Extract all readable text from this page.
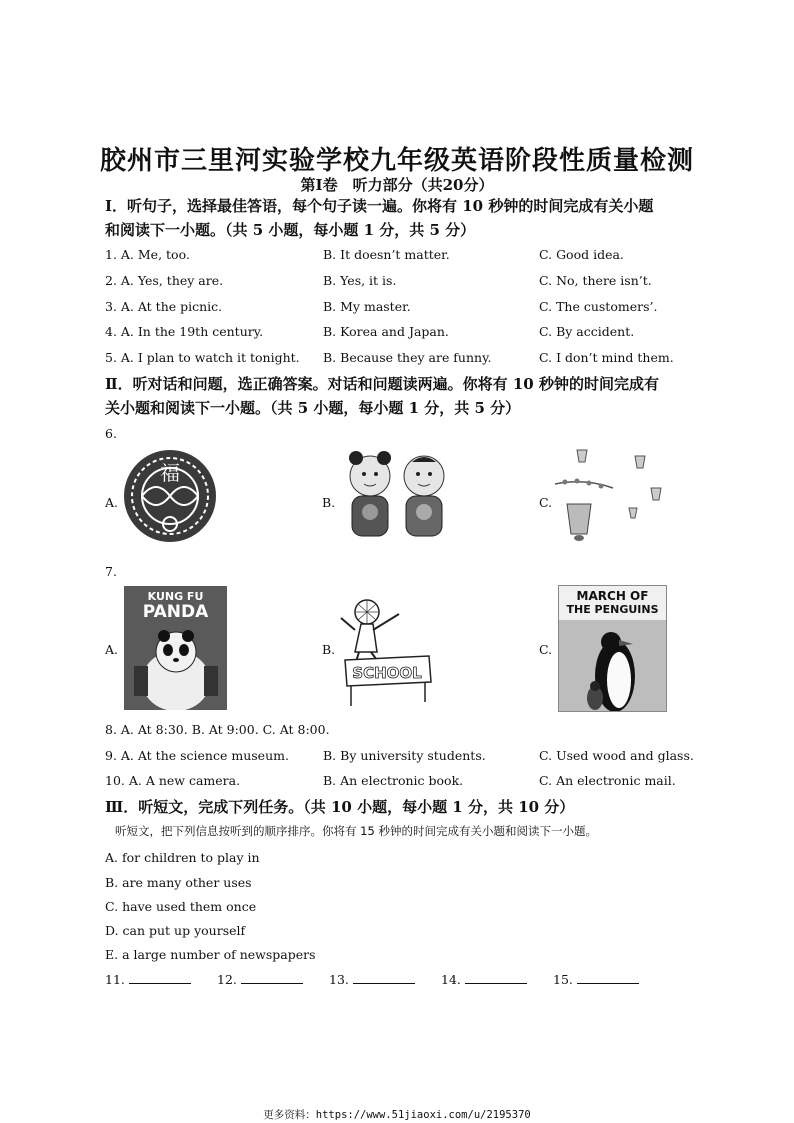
胶州市三里河实验学校九年级英语阶段性质量检测
第Ⅰ卷　听力部分（共20分）
Ⅰ．听句子，选择最佳答语，每个句子读一遍。你将有 10 秒钟的时间完成有关小题
和阅读下一小题。（共 5 小题，每小题 1 分，共 5 分）
1. A. Me, too.	B. It doesn’t matter.	C. Good idea.
2. A. Yes, they are.	B. Yes, it is.	C. No, there isn’t.
3. A. At the picnic.	B. My master.	C. The customers’.
4. A. In the 19th century.	B. Korea and Japan.	C. By accident.
5. A. I plan to watch it tonight. B. Because they are funny.	C. I don’t mind them.
Ⅱ．听对话和问题，选正确答案。对话和问题读两遍。你将有 10 秒钟的时间完成有
关小题和阅读下一小题。（共 5 小题，每小题 1 分，共 5 分）
6.
A.
福
B.	C.
7.
A.
KUNG FU
PANDA
B.
SCHOOL
C.
MARCH OF
THE PENGUINS
8. A. At 8:30. B. At 9:00. C. At 8:00.
9. A. At the science museum.	B. By university students.	C. Used wood and glass.
10. A. A new camera.	B. An electronic book.	C. An electronic mail.
Ⅲ．听短文，完成下列任务。（共 10 小题，每小题 1 分，共 10 分）
听短文，把下列信息按听到的顺序排序。你将有 15 秒钟的时间完成有关小题和阅读下一小题。
A. for children to play in
B. are many other uses
C. have used them once
D. can put up yourself
E. a large number of newspapers
11.	12.	13.	14.	15.
更多资料：https://www.51jiaoxi.com/u/2195370
